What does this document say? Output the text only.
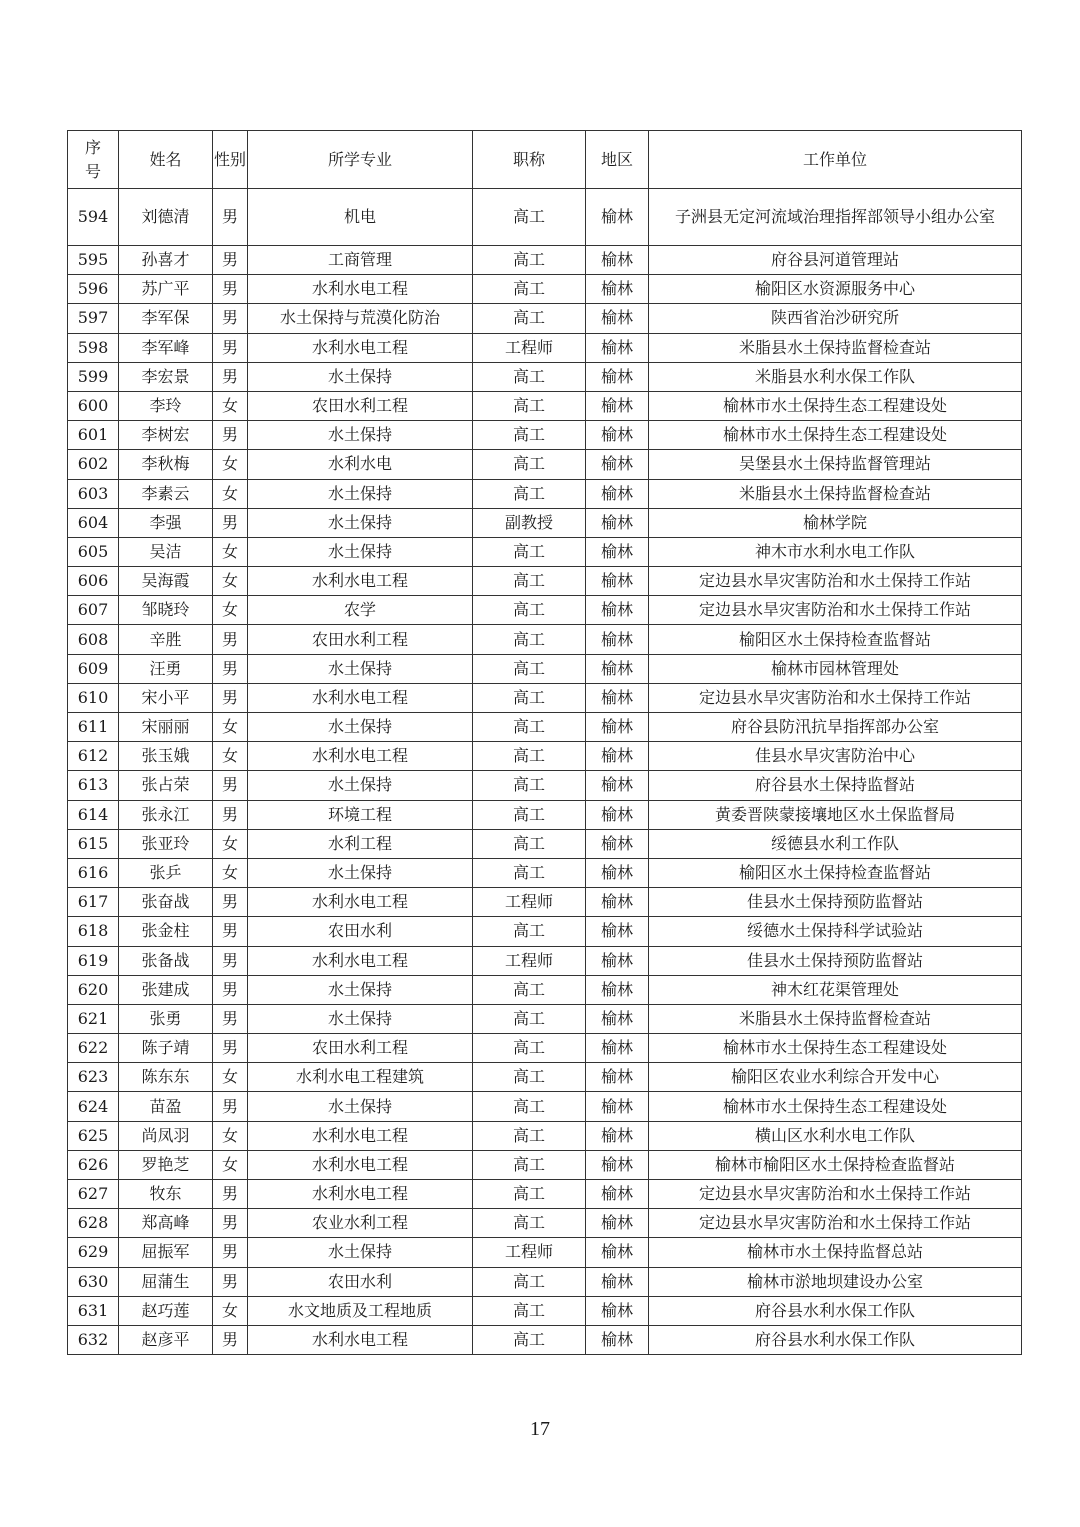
序号	姓名	性别	所学专业	职称	地区	工作单位
594	刘德清	男	机电	高工	榆林	子洲县无定河流域治理指挥部领导小组办公室
595	孙喜才	男	工商管理	高工	榆林	府谷县河道管理站
596	苏广平	男	水利水电工程	高工	榆林	榆阳区水资源服务中心
597	李军保	男	水土保持与荒漠化防治	高工	榆林	陕西省治沙研究所
598	李军峰	男	水利水电工程	工程师	榆林	米脂县水土保持监督检查站
599	李宏景	男	水土保持	高工	榆林	米脂县水利水保工作队
600	李玲	女	农田水利工程	高工	榆林	榆林市水土保持生态工程建设处
601	李树宏	男	水土保持	高工	榆林	榆林市水土保持生态工程建设处
602	李秋梅	女	水利水电	高工	榆林	吴堡县水土保持监督管理站
603	李素云	女	水土保持	高工	榆林	米脂县水土保持监督检查站
604	李强	男	水土保持	副教授	榆林	榆林学院
605	吴洁	女	水土保持	高工	榆林	神木市水利水电工作队
606	吴海霞	女	水利水电工程	高工	榆林	定边县水旱灾害防治和水土保持工作站
607	邹晓玲	女	农学	高工	榆林	定边县水旱灾害防治和水土保持工作站
608	辛胜	男	农田水利工程	高工	榆林	榆阳区水土保持检查监督站
609	汪勇	男	水土保持	高工	榆林	榆林市园林管理处
610	宋小平	男	水利水电工程	高工	榆林	定边县水旱灾害防治和水土保持工作站
611	宋丽丽	女	水土保持	高工	榆林	府谷县防汛抗旱指挥部办公室
612	张玉娥	女	水利水电工程	高工	榆林	佳县水旱灾害防治中心
613	张占荣	男	水土保持	高工	榆林	府谷县水土保持监督站
614	张永江	男	环境工程	高工	榆林	黄委晋陕蒙接壤地区水土保监督局
615	张亚玲	女	水利工程	高工	榆林	绥德县水利工作队
616	张乒	女	水土保持	高工	榆林	榆阳区水土保持检查监督站
617	张奋战	男	水利水电工程	工程师	榆林	佳县水土保持预防监督站
618	张金柱	男	农田水利	高工	榆林	绥德水土保持科学试验站
619	张备战	男	水利水电工程	工程师	榆林	佳县水土保持预防监督站
620	张建成	男	水土保持	高工	榆林	神木红花渠管理处
621	张勇	男	水土保持	高工	榆林	米脂县水土保持监督检查站
622	陈子靖	男	农田水利工程	高工	榆林	榆林市水土保持生态工程建设处
623	陈东东	女	水利水电工程建筑	高工	榆林	榆阳区农业水利综合开发中心
624	苗盈	男	水土保持	高工	榆林	榆林市水土保持生态工程建设处
625	尚凤羽	女	水利水电工程	高工	榆林	横山区水利水电工作队
626	罗艳芝	女	水利水电工程	高工	榆林	榆林市榆阳区水土保持检查监督站
627	牧东	男	水利水电工程	高工	榆林	定边县水旱灾害防治和水土保持工作站
628	郑高峰	男	农业水利工程	高工	榆林	定边县水旱灾害防治和水土保持工作站
629	屈振军	男	水土保持	工程师	榆林	榆林市水土保持监督总站
630	屈蒲生	男	农田水利	高工	榆林	榆林市淤地坝建设办公室
631	赵巧莲	女	水文地质及工程地质	高工	榆林	府谷县水利水保工作队
632	赵彦平	男	水利水电工程	高工	榆林	府谷县水利水保工作队
17
